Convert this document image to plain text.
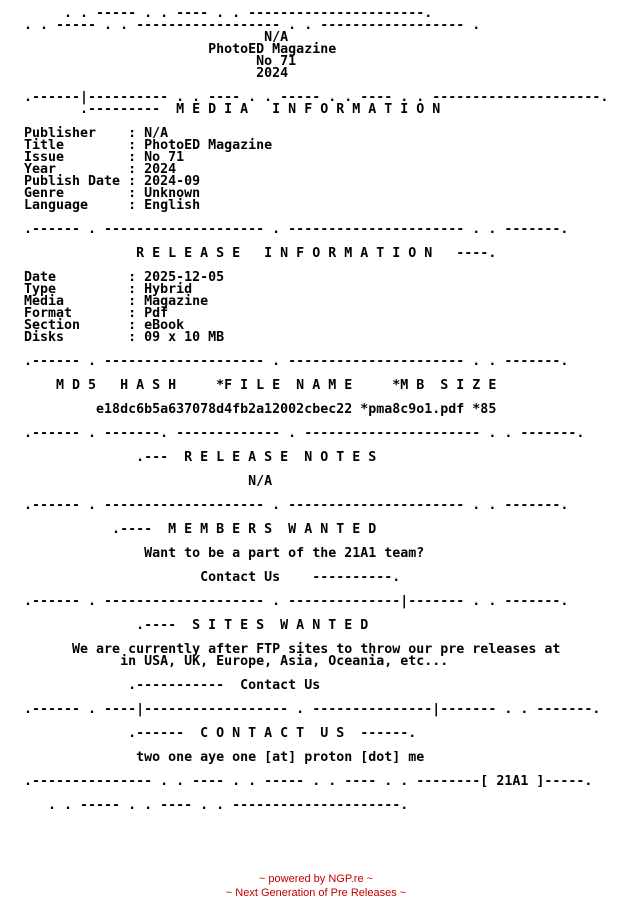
. . ----- . . ---- . . ----------------------.
. . ----- . . ------------------ . . ------------------ .
N/A
PhotoED Magazine
No 71
2024

.------|---------- . . ---- . . ----- . . ---- . . ---------------------.
.---------  M E D I A   I N F O R M A T I O N

Publisher    : N/A
Title        : PhotoED Magazine
Issue        : No 71
Year         : 2024
Publish Date : 2024-09
Genre        : Unknown
Language     : English

.------ . -------------------- . ---------------------- . . -------.

R E L E A S E   I N F O R M A T I O N   ----.

Date         : 2025-12-05
Type         : Hybrid
Media        : Magazine
Format       : Pdf
Section      : eBook
Disks        : 09 x 10 MB

.------ . -------------------- . ---------------------- . . -------.

M D 5   H A S H     *F I L E  N A M E     *M B  S I Z E

e18dc6b5a637078d4fb2a12002cbec22 *pma8c9o1.pdf *85

.------ . -------. ------------- . ---------------------- . . -------.

.---  R E L E A S E  N O T E S

N/A

.------ . -------------------- . ---------------------- . . -------.

.----  M E M B E R S  W A N T E D

Want to be a part of the 21A1 team?

Contact Us    ----------.

.------ . -------------------- . --------------|------- . . -------.

.----  S I T E S  W A N T E D

We are currently after FTP sites to throw our pre releases at
in USA, UK, Europe, Asia, Oceania, etc...

.-----------  Contact Us

.------ . ----|------------------ . ---------------|------- . . -------.

.------  C O N T A C T  U S  ------.

two one aye one [at] proton [dot] me

.--------------- . . ---- . . ----- . . ---- . . --------[ 21A1 ]-----.

. . ----- . . ---- . . ---------------------.

~ powered by NGP.re ~
~ Next Generation of Pre Releases ~
